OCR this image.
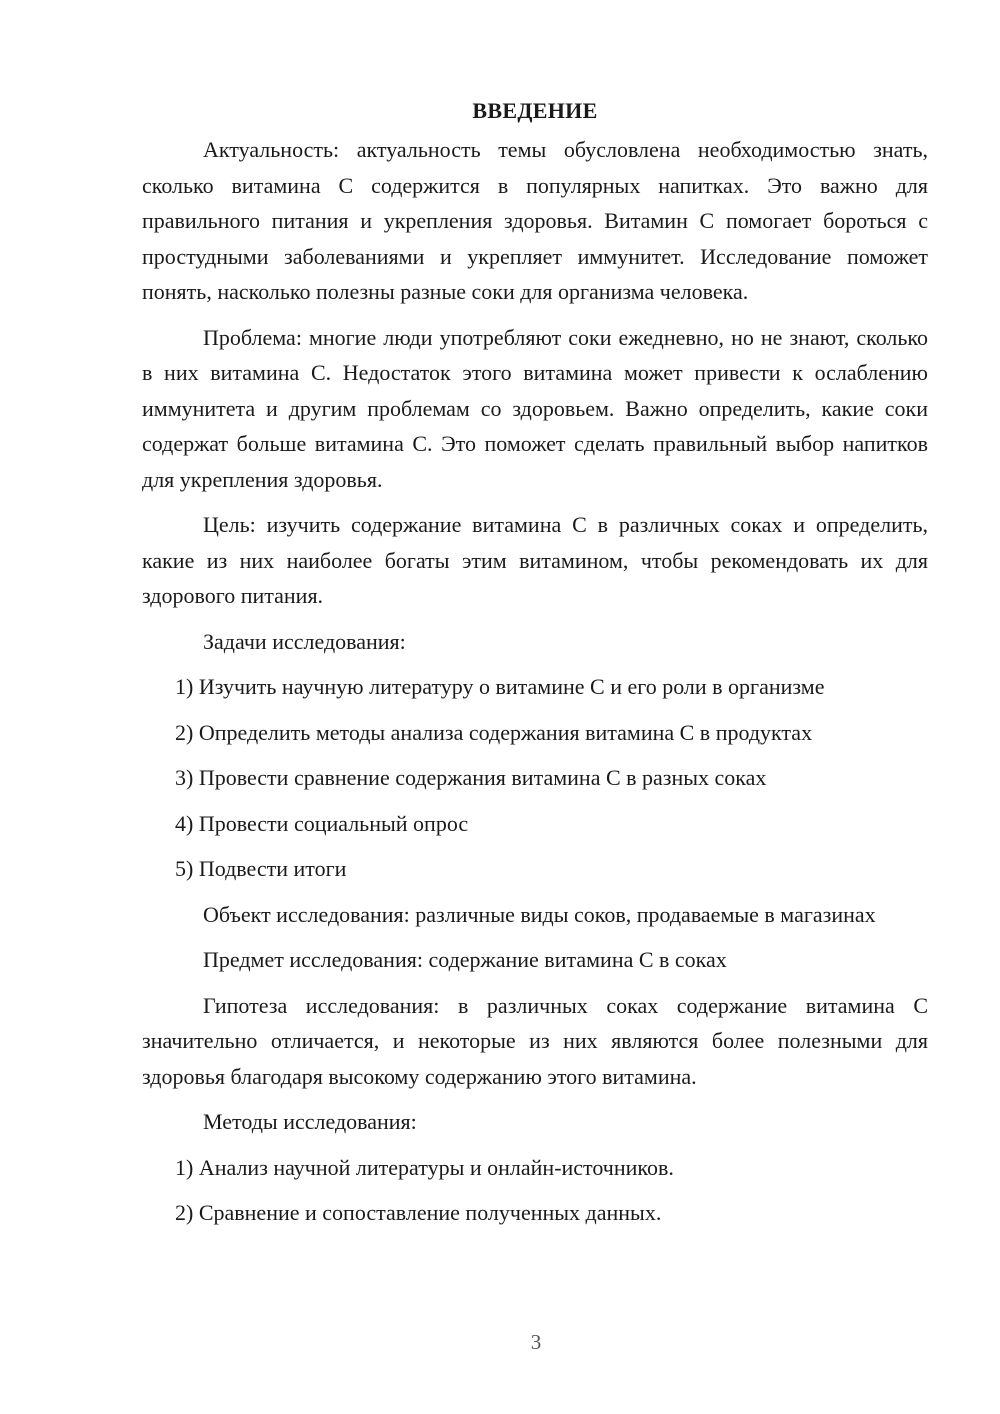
ВВЕДЕНИЕ

Актуальность: актуальность темы обусловлена необходимостью знать, сколько витамина С содержится в популярных напитках. Это важно для правильного питания и укрепления здоровья. Витамин С помогает бороться с простудными заболеваниями и укрепляет иммунитет. Исследование поможет понять, насколько полезны разные соки для организма человека.

Проблема: многие люди употребляют соки ежедневно, но не знают, сколько в них витамина С. Недостаток этого витамина может привести к ослаблению иммунитета и другим проблемам со здоровьем. Важно определить, какие соки содержат больше витамина С. Это поможет сделать правильный выбор напитков для укрепления здоровья.

Цель: изучить содержание витамина С в различных соках и определить, какие из них наиболее богаты этим витамином, чтобы рекомендовать их для здорового питания.

Задачи исследования:

1) Изучить научную литературу о витамине С и его роли в организме
2) Определить методы анализа содержания витамина С в продуктах
3) Провести сравнение содержания витамина С в разных соках
4) Провести социальный опрос
5) Подвести итоги

Объект исследования: различные виды соков, продаваемые в магазинах

Предмет исследования: содержание витамина С в соках

Гипотеза исследования: в различных соках содержание витамина С значительно отличается, и некоторые из них являются более полезными для здоровья благодаря высокому содержанию этого витамина.

Методы исследования:

1) Анализ научной литературы и онлайн-источников.
2) Сравнение и сопоставление полученных данных.
3
